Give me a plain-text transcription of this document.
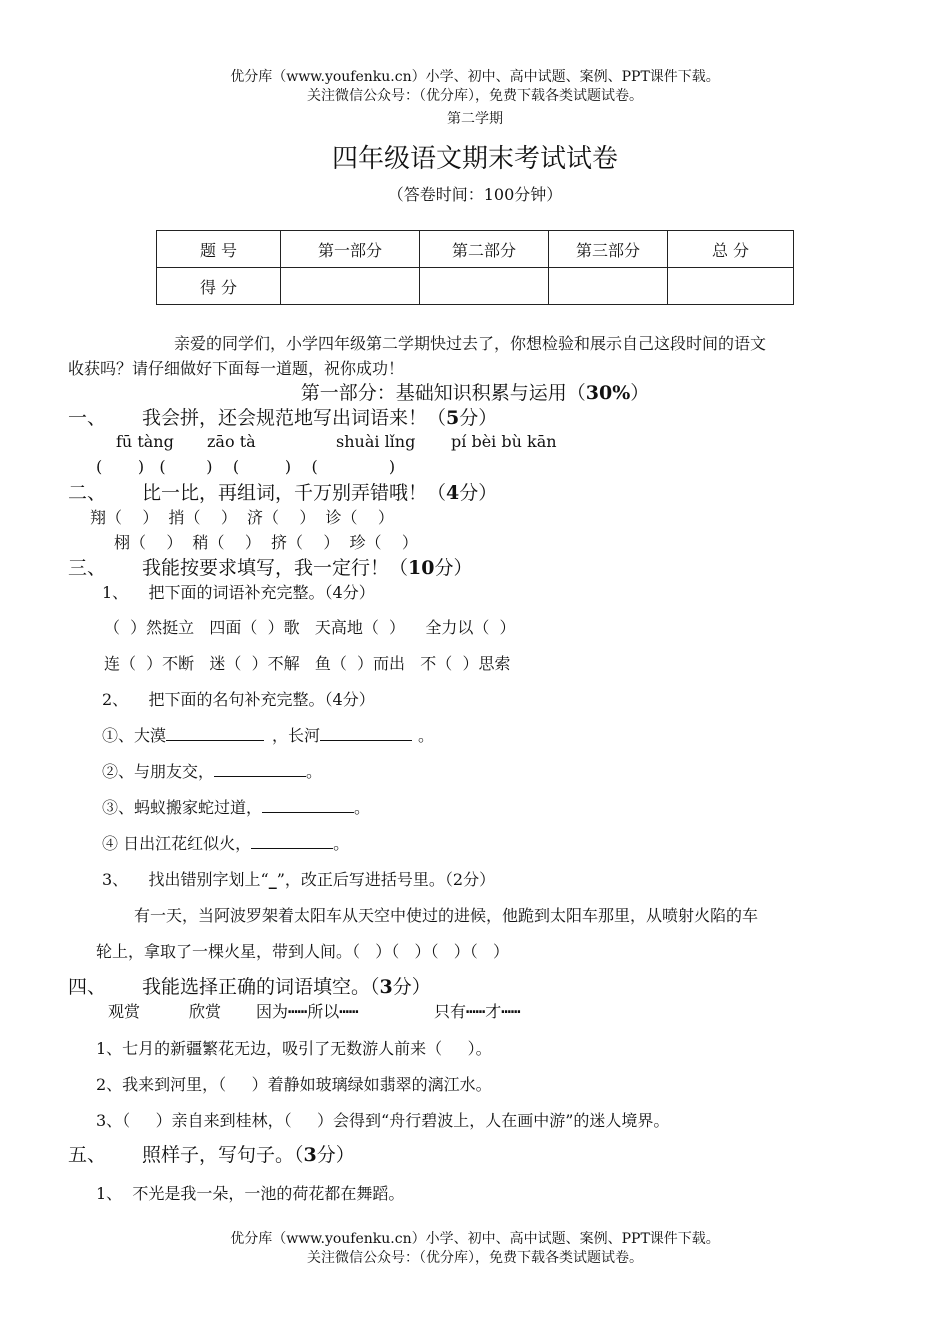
优分库（www.youfenku.cn）小学、初中、高中试题、案例、PPT课件下载。
关注微信公众号：（优分库），免费下载各类试题试卷。
第二学期
四年级语文期末考试试卷
（答卷时间：100分钟）
题 号	第一部分	第二部分	第三部分	总 分
得 分				
亲爱的同学们，小学四年级第二学期快过去了，你想检验和展示自己这段时间的语文
收获吗？请仔细做好下面每一道题，祝你成功！
第一部分：基础知识积累与运用（30%）
一、 我会拼，还会规范地写出词语来！（5分）
fū tàng zāo tà	shuài lǐng pí bèi bù kān
(       )   (        )    (         )    (              )
二、 比一比，再组词，千万别弄错哦！（4分）
翔（    ）  捎（    ）  济（    ）  诊（    ）
栩（    ）  稍（    ）  挤（    ）  珍（    ）
三、 我能按要求填写，我一定行！（10分）
1、    把下面的词语补充完整。（4分）
（  ）然挺立   四面（  ）歌   天高地（  ）    全力以（  ）
连（  ）不断   迷（  ）不解   鱼（  ）而出   不（  ）思索
2、    把下面的名句补充完整。（4分）
①、大漠	，长河	。
②、与朋友交，	。
③、蚂蚁搬家蛇过道，	。
④ 日出江花红似火，	。
3、    找出错别字划上“_”，改正后写进括号里。（2分）
有一天，当阿波罗架着太阳车从天空中使过的进候，他跪到太阳车那里，从喷射火陷的车
轮上，拿取了一棵火星，带到人间。（   ）（   ）（   ）（   ）
四、 我能选择正确的词语填空。（3分）
观赏	欣赏 因为┅┅所以┅┅	只有┅┅才┅┅
1、七月的新疆繁花无边，吸引了无数游人前来（     ）。
2、我来到河里，（     ）着静如玻璃绿如翡翠的漓江水。
3、（     ）亲自来到桂林，（     ）会得到“舟行碧波上，人在画中游”的迷人境界。
五、 照样子，写句子。（3分）
1、  不光是我一朵，一池的荷花都在舞蹈。
优分库（www.youfenku.cn）小学、初中、高中试题、案例、PPT课件下载。
关注微信公众号：（优分库），免费下载各类试题试卷。
